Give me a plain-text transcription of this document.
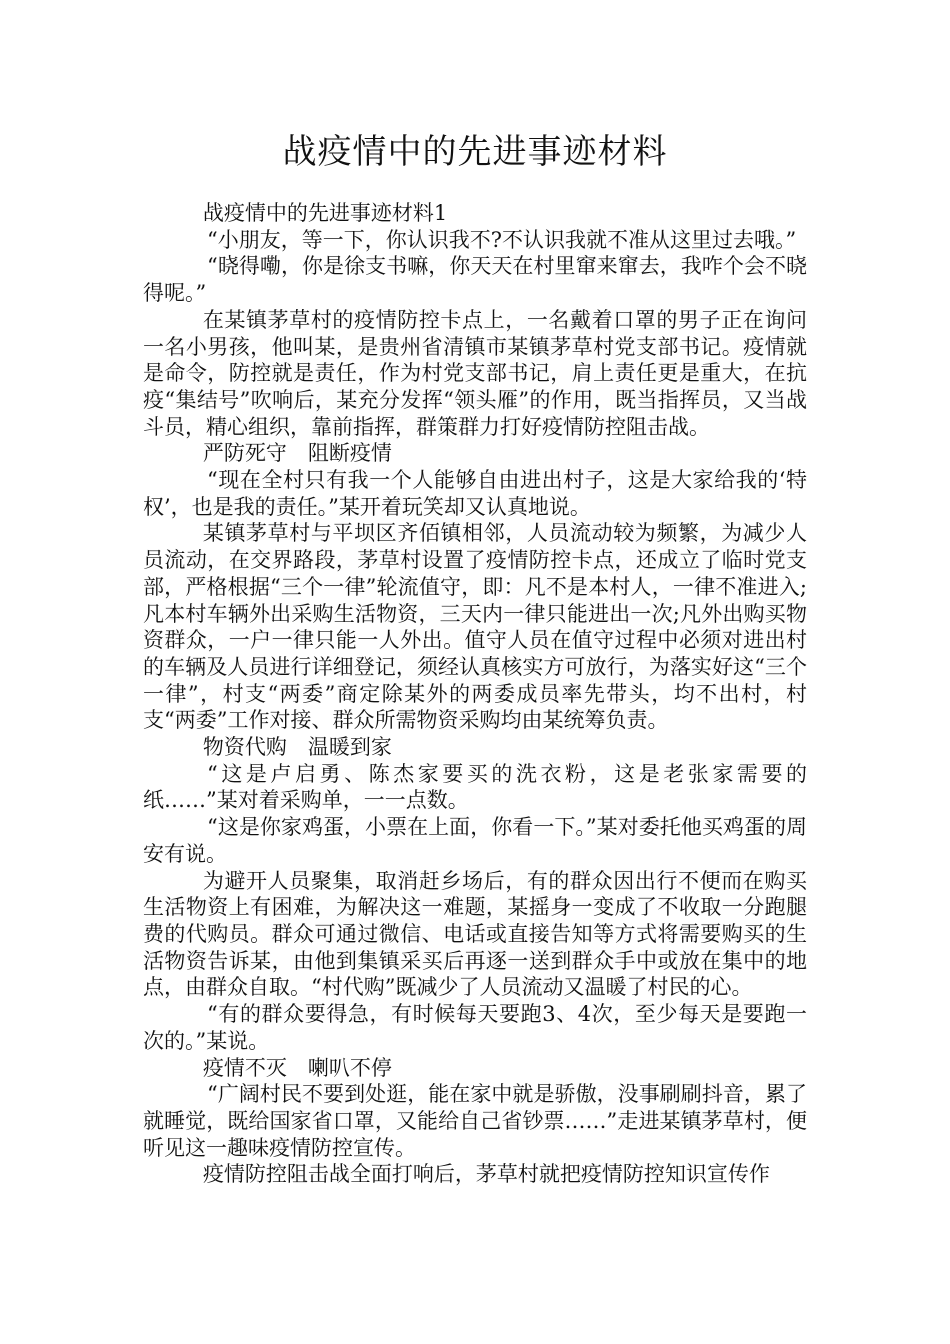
战疫情中的先进事迹材料

战疫情中的先进事迹材料1

“小朋友，等一下，你认识我不?不认识我就不准从这里过去哦。”

“晓得嘞，你是徐支书嘛，你天天在村里窜来窜去，我咋个会不晓得呢。”

在某镇茅草村的疫情防控卡点上，一名戴着口罩的男子正在询问一名小男孩，他叫某，是贵州省清镇市某镇茅草村党支部书记。疫情就是命令，防控就是责任，作为村党支部书记，肩上责任更是重大，在抗疫“集结号”吹响后，某充分发挥“领头雁”的作用，既当指挥员，又当战斗员，精心组织，靠前指挥，群策群力打好疫情防控阻击战。

严防死守　阻断疫情

“现在全村只有我一个人能够自由进出村子，这是大家给我的‘特权’，也是我的责任。”某开着玩笑却又认真地说。

某镇茅草村与平坝区齐佰镇相邻，人员流动较为频繁，为减少人员流动，在交界路段，茅草村设置了疫情防控卡点，还成立了临时党支部，严格根据“三个一律”轮流值守，即：凡不是本村人，一律不准进入;凡本村车辆外出采购生活物资，三天内一律只能进出一次;凡外出购买物资群众，一户一律只能一人外出。值守人员在值守过程中必须对进出村的车辆及人员进行详细登记，须经认真核实方可放行，为落实好这“三个一律”，村支“两委”商定除某外的两委成员率先带头，均不出村，村支“两委”工作对接、群众所需物资采购均由某统筹负责。

物资代购　温暖到家

“这是卢启勇、陈杰家要买的洗衣粉，这是老张家需要的纸……”某对着采购单，一一点数。

“这是你家鸡蛋，小票在上面，你看一下。”某对委托他买鸡蛋的周安有说。

为避开人员聚集，取消赶乡场后，有的群众因出行不便而在购买生活物资上有困难，为解决这一难题，某摇身一变成了不收取一分跑腿费的代购员。群众可通过微信、电话或直接告知等方式将需要购买的生活物资告诉某，由他到集镇采买后再逐一送到群众手中或放在集中的地点，由群众自取。“村代购”既减少了人员流动又温暖了村民的心。

“有的群众要得急，有时候每天要跑3、4次，至少每天是要跑一次的。”某说。

疫情不灭　喇叭不停

“广阔村民不要到处逛，能在家中就是骄傲，没事刷刷抖音，累了就睡觉，既给国家省口罩，又能给自己省钞票……”走进某镇茅草村，便听见这一趣味疫情防控宣传。

疫情防控阻击战全面打响后，茅草村就把疫情防控知识宣传作
